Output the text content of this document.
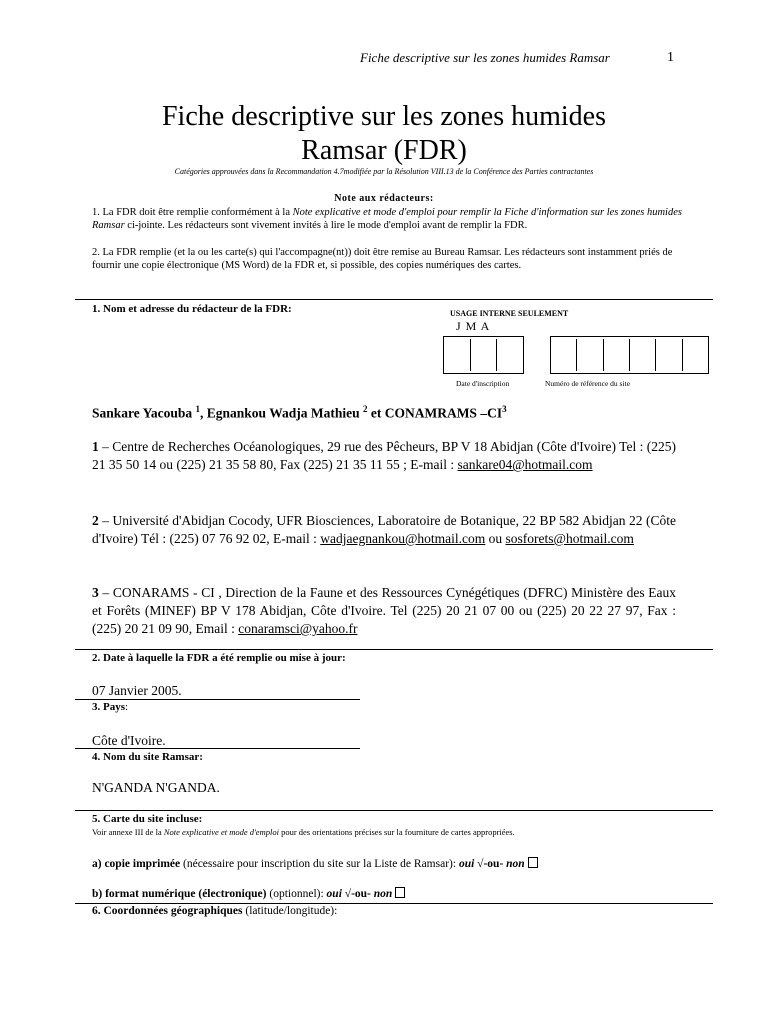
Fiche descriptive sur les zones humides Ramsar	1
Fiche descriptive sur les zones humides
Ramsar (FDR)
Catégories approuvées dans la Recommandation 4.7modifiée par la Résolution VIII.13 de la Conférence des Parties contractantes
Note aux rédacteurs:
1. La FDR doit être remplie conformément à la Note explicative et mode d'emploi pour remplir la Fiche d'information sur les zones humides Ramsar ci-jointe. Les rédacteurs sont vivement invités à lire le mode d'emploi avant de remplir la FDR.
2. La FDR remplie (et la ou les carte(s) qui l'accompagne(nt)) doit être remise au Bureau Ramsar. Les rédacteurs sont instamment priés de fournir une copie électronique (MS Word) de la FDR et, si possible, des copies numériques des cartes.
1. Nom et adresse du rédacteur de la FDR:	USAGE INTERNE SEULEMENT
J M A
Date d'inscription	Numéro de référence du site
Sankare Yacouba $^1$, Egnankou Wadja Mathieu $^2$ et CONAMRAMS $-CI^3$
1 – Centre de Recherches Océanologiques, 29 rue des Pêcheurs, BP V 18 Abidjan (Côte d'Ivoire) Tel : (225) 21 35 50 14 ou (225) 21 35 58 80, Fax (225) 21 35 11 55 ; E-mail : sankare04@hotmail.com
2 – Université d'Abidjan Cocody, UFR Biosciences, Laboratoire de Botanique, 22 BP 582 Abidjan 22 (Côte d'Ivoire) Tél : (225) 07 76 92 02, E-mail : wadjaegnankou@hotmail.com ou sosforets@hotmail.com
3 – CONARAMS - CI , Direction de la Faune et des Ressources Cynégétiques (DFRC) Ministère des Eaux et Forêts (MINEF) BP V 178 Abidjan, Côte d'Ivoire. Tel (225) 20 21 07 00 ou (225) 20 22 27 97, Fax : (225) 20 21 09 90, Email : conaramsci@yahoo.fr
2. Date à laquelle la FDR a été remplie ou mise à jour:
07 Janvier 2005.
3. Pays:
Côte d'Ivoire.
4. Nom du site Ramsar:
N'GANDA N'GANDA.
5. Carte du site incluse:
Voir annexe III de la Note explicative et mode d'emploi pour des orientations précises sur la fourniture de cartes appropriées.
a) copie imprimée (nécessaire pour inscription du site sur la Liste de Ramsar): oui √-ou- non
b) format numérique (électronique) (optionnel): oui √-ou- non
6. Coordonnées géographiques (latitude/longitude):
